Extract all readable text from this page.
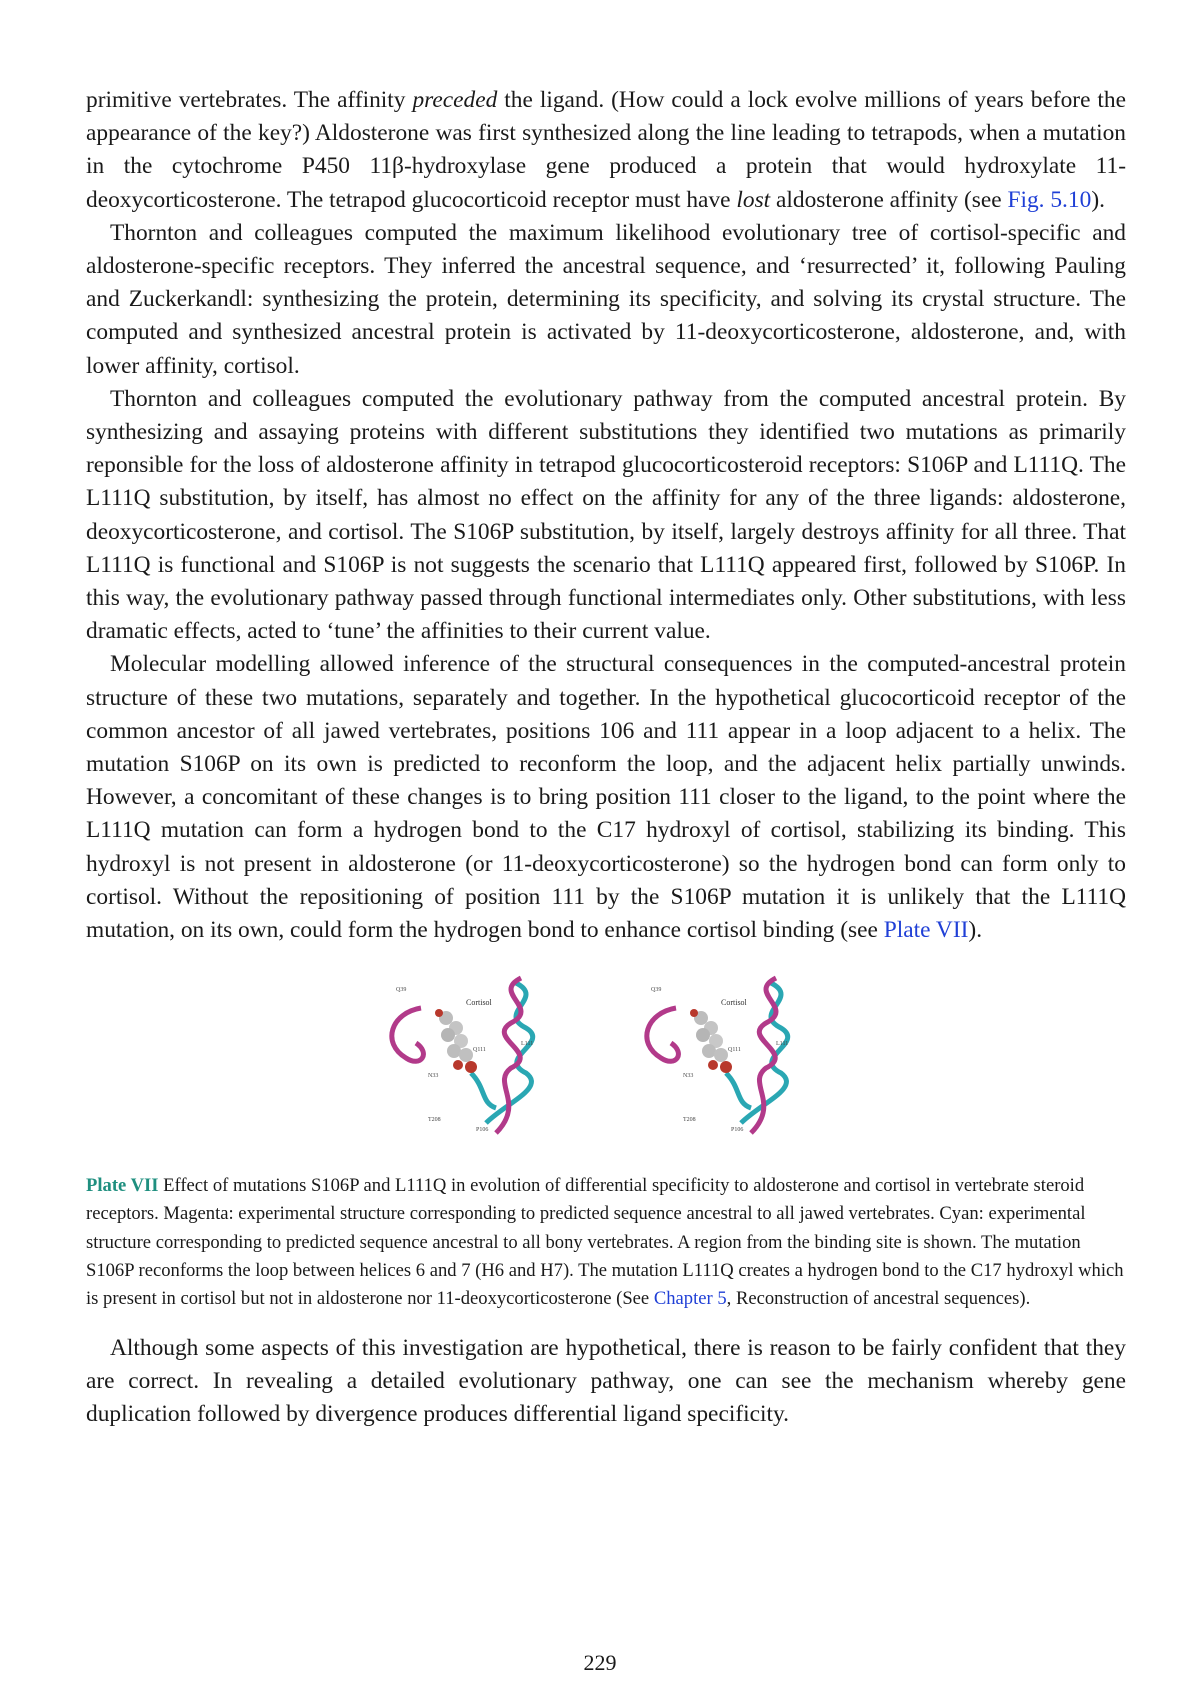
primitive vertebrates. The affinity preceded the ligand. (How could a lock evolve millions of years before the appearance of the key?) Aldosterone was first synthesized along the line leading to tetrapods, when a mutation in the cytochrome P450 11β-hydroxylase gene produced a protein that would hydroxylate 11-deoxycorticosterone. The tetrapod glucocorticoid receptor must have lost aldosterone affinity (see Fig. 5.10).

Thornton and colleagues computed the maximum likelihood evolutionary tree of cortisol-specific and aldosterone-specific receptors. They inferred the ancestral sequence, and ‘resurrected’ it, following Pauling and Zuckerkandl: synthesizing the protein, determining its specificity, and solving its crystal structure. The computed and synthesized ancestral protein is activated by 11-deoxycorticosterone, aldosterone, and, with lower affinity, cortisol.

Thornton and colleagues computed the evolutionary pathway from the computed ancestral protein. By synthesizing and assaying proteins with different substitutions they identified two mutations as primarily reponsible for the loss of aldosterone affinity in tetrapod glucocorticosteroid receptors: S106P and L111Q. The L111Q substitution, by itself, has almost no effect on the affinity for any of the three ligands: aldosterone, deoxycorticosterone, and cortisol. The S106P substitution, by itself, largely destroys affinity for all three. That L111Q is functional and S106P is not suggests the scenario that L111Q appeared first, followed by S106P. In this way, the evolutionary pathway passed through functional intermediates only. Other substitutions, with less dramatic effects, acted to ‘tune’ the affinities to their current value.

Molecular modelling allowed inference of the structural consequences in the computed-ancestral protein structure of these two mutations, separately and together. In the hypothetical glucocorticoid receptor of the common ancestor of all jawed vertebrates, positions 106 and 111 appear in a loop adjacent to a helix. The mutation S106P on its own is predicted to reconform the loop, and the adjacent helix partially unwinds. However, a concomitant of these changes is to bring position 111 closer to the ligand, to the point where the L111Q mutation can form a hydrogen bond to the C17 hydroxyl of cortisol, stabilizing its binding. This hydroxyl is not present in aldosterone (or 11-deoxycorticosterone) so the hydrogen bond can form only to cortisol. Without the repositioning of position 111 by the S106P mutation it is unlikely that the L111Q mutation, on its own, could form the hydrogen bond to enhance cortisol binding (see Plate VII).

Q39
Cortisol
Q111
L111
N33
T208
P106
Q39
Cortisol
Q111
L111
N33
T208
P106

Plate VII Effect of mutations S106P and L111Q in evolution of differential specificity to aldosterone and cortisol in vertebrate steroid receptors. Magenta: experimental structure corresponding to predicted sequence ancestral to all jawed vertebrates. Cyan: experimental structure corresponding to predicted sequence ancestral to all bony vertebrates. A region from the binding site is shown. The mutation S106P reconforms the loop between helices 6 and 7 (H6 and H7). The mutation L111Q creates a hydrogen bond to the C17 hydroxyl which is present in cortisol but not in aldosterone nor 11-deoxycorticosterone (See Chapter 5, Reconstruction of ancestral sequences).

Although some aspects of this investigation are hypothetical, there is reason to be fairly confident that they are correct. In revealing a detailed evolutionary pathway, one can see the mechanism whereby gene duplication followed by divergence produces differential ligand specificity.

229
